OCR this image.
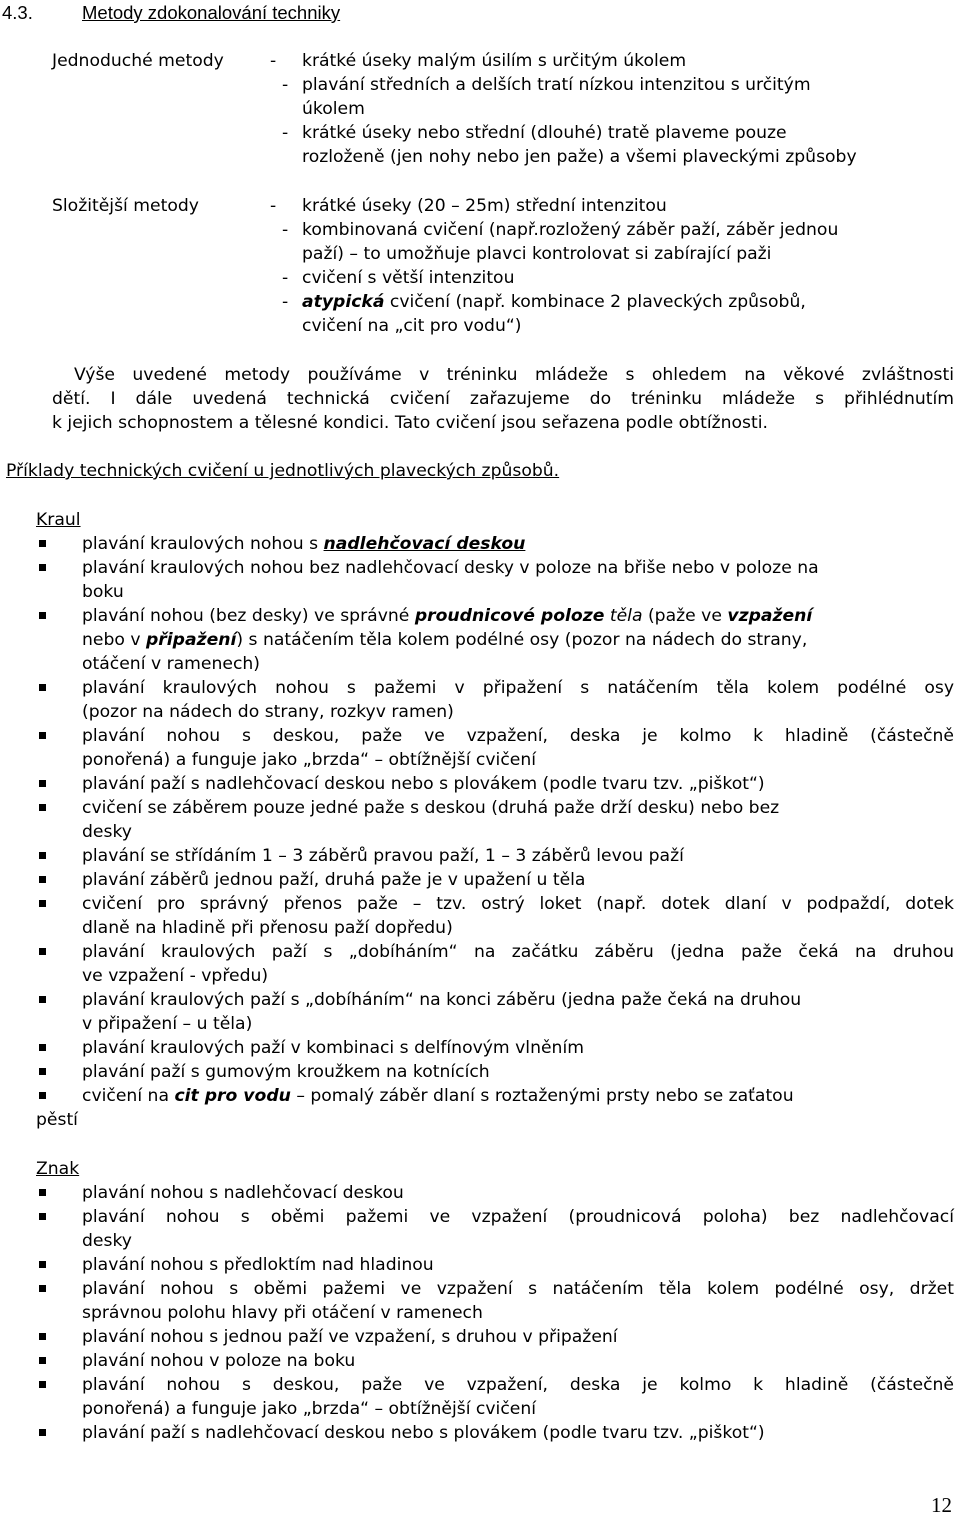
4.3.	Metody zdokonalování techniky
Jednoduché metody	- krátké úseky malým úsilím s určitým úkolem
- plavání středních a delších tratí nízkou intenzitou s určitým
úkolem
- krátké úseky nebo střední (dlouhé) tratě plaveme pouze
rozloženě (jen nohy nebo jen paže) a všemi plaveckými způsoby
Složitější metody	- krátké úseky (20 – 25m) střední intenzitou
- kombinovaná cvičení (např.rozložený záběr paží, záběr jednou
paží) – to umožňuje plavci kontrolovat si zabírající paži
- cvičení s větší intenzitou
- atypická cvičení (např. kombinace 2 plaveckých způsobů,
cvičení na „cit pro vodu“)
Výše uvedené metody používáme v tréninku mládeže s ohledem na věkové zvláštnosti
dětí. I dále uvedená technická cvičení zařazujeme do tréninku mládeže s přihlédnutím
k jejich schopnostem a tělesné kondici. Tato cvičení jsou seřazena podle obtížnosti.
Příklady technických cvičení u jednotlivých plaveckých způsobů.
Kraul
plavání kraulových nohou s nadlehčovací deskou
plavání kraulových nohou bez nadlehčovací desky v poloze na břiše nebo v poloze na
boku
plavání nohou (bez desky) ve správné proudnicové poloze těla (paže ve vzpažení
nebo v připažení) s natáčením těla kolem podélné osy (pozor na nádech do strany,
otáčení v ramenech)
plavání kraulových nohou s pažemi v připažení s natáčením těla kolem podélné osy
(pozor na nádech do strany, rozkyv ramen)
plavání nohou s deskou, paže ve vzpažení, deska je kolmo k hladině (částečně
ponořená) a funguje jako „brzda“ – obtížnější cvičení
plavání paží s nadlehčovací deskou nebo s plovákem (podle tvaru tzv. „piškot“)
cvičení se záběrem pouze jedné paže s deskou (druhá paže drží desku) nebo bez
desky
plavání se střídáním 1 – 3 záběrů pravou paží, 1 – 3 záběrů levou paží
plavání záběrů jednou paží, druhá paže je v upažení u těla
cvičení pro správný přenos paže – tzv. ostrý loket (např. dotek dlaní v podpaždí, dotek
dlaně na hladině při přenosu paží dopředu)
plavání kraulových paží s „dobíháním“ na začátku záběru (jedna paže čeká na druhou
ve vzpažení - vpředu)
plavání kraulových paží s „dobíháním“ na konci záběru (jedna paže čeká na druhou
v připažení – u těla)
plavání kraulových paží v kombinaci s delfínovým vlněním
plavání paží s gumovým kroužkem na kotnících
cvičení na cit pro vodu – pomalý záběr dlaní s roztaženými prsty nebo se zaťatou
pěstí
Znak
plavání nohou s nadlehčovací deskou
plavání nohou s oběmi pažemi ve vzpažení (proudnicová poloha) bez nadlehčovací
desky
plavání nohou s předloktím nad hladinou
plavání nohou s oběmi pažemi ve vzpažení s natáčením těla kolem podélné osy, držet
správnou polohu hlavy při otáčení v ramenech
plavání nohou s jednou paží ve vzpažení, s druhou v připažení
plavání nohou v poloze na boku
plavání nohou s deskou, paže ve vzpažení, deska je kolmo k hladině (částečně
ponořená) a funguje jako „brzda“ – obtížnější cvičení
plavání paží s nadlehčovací deskou nebo s plovákem (podle tvaru tzv. „piškot“)
12
